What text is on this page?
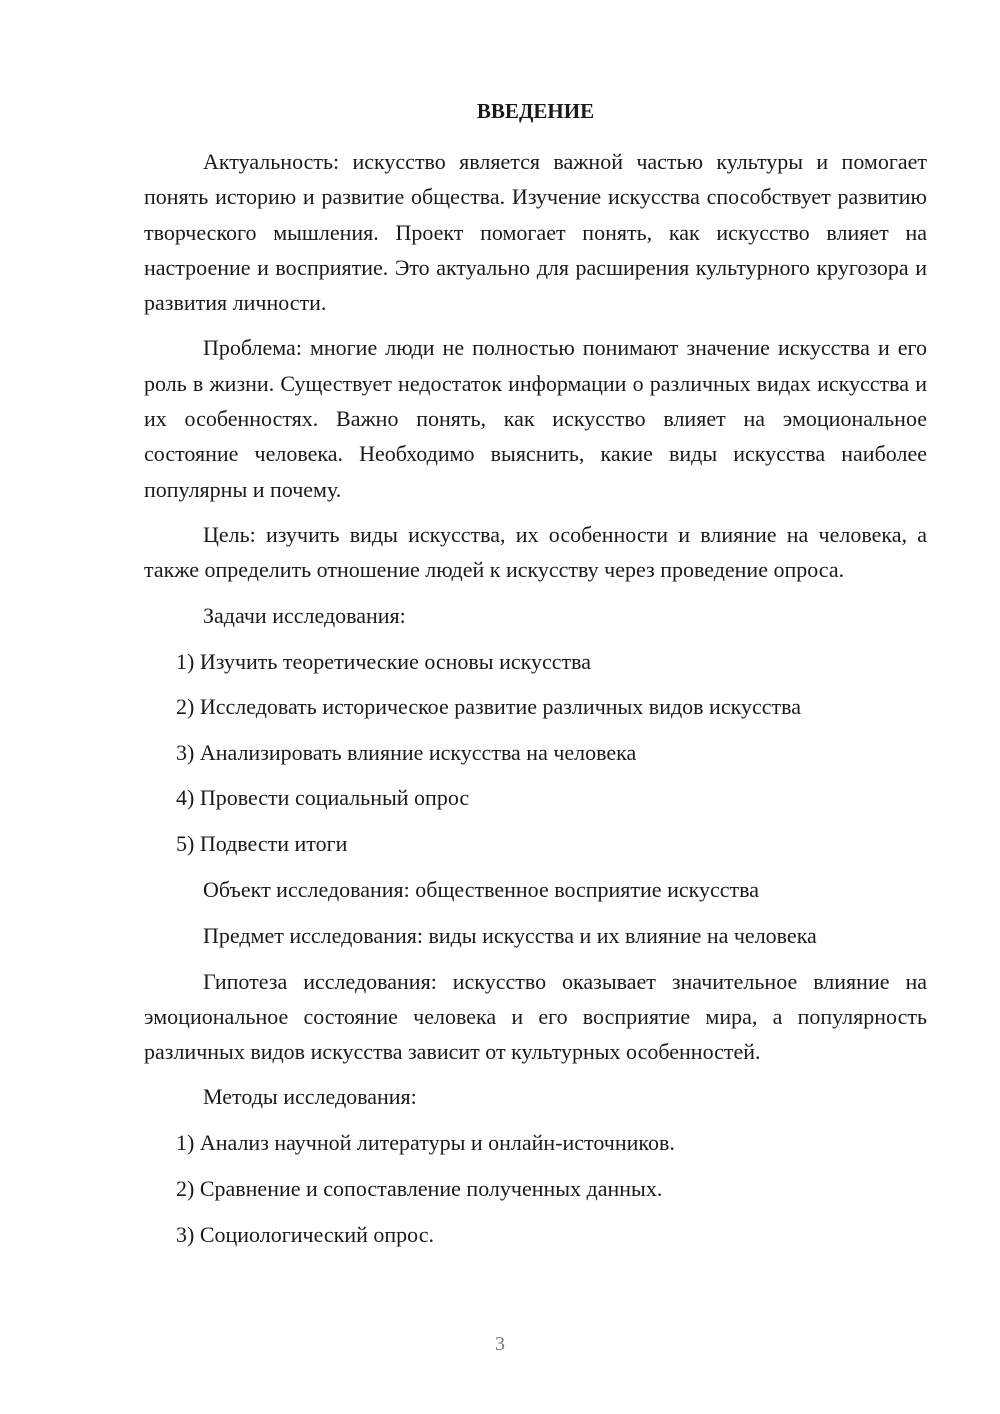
ВВЕДЕНИЕ

Актуальность: искусство является важной частью культуры и помогает понять историю и развитие общества. Изучение искусства способствует развитию творческого мышления. Проект помогает понять, как искусство влияет на настроение и восприятие. Это актуально для расширения культурного кругозора и развития личности.

Проблема: многие люди не полностью понимают значение искусства и его роль в жизни. Существует недостаток информации о различных видах искусства и их особенностях. Важно понять, как искусство влияет на эмоциональное состояние человека. Необходимо выяснить, какие виды искусства наиболее популярны и почему.

Цель: изучить виды искусства, их особенности и влияние на человека, а также определить отношение людей к искусству через проведение опроса.

Задачи исследования:

1) Изучить теоретические основы искусства
2) Исследовать историческое развитие различных видов искусства
3) Анализировать влияние искусства на человека
4) Провести социальный опрос
5) Подвести итоги

Объект исследования: общественное восприятие искусства

Предмет исследования: виды искусства и их влияние на человека

Гипотеза исследования: искусство оказывает значительное влияние на эмоциональное состояние человека и его восприятие мира, а популярность различных видов искусства зависит от культурных особенностей.

Методы исследования:

1) Анализ научной литературы и онлайн-источников.
2) Сравнение и сопоставление полученных данных.
3) Социологический опрос.
3
